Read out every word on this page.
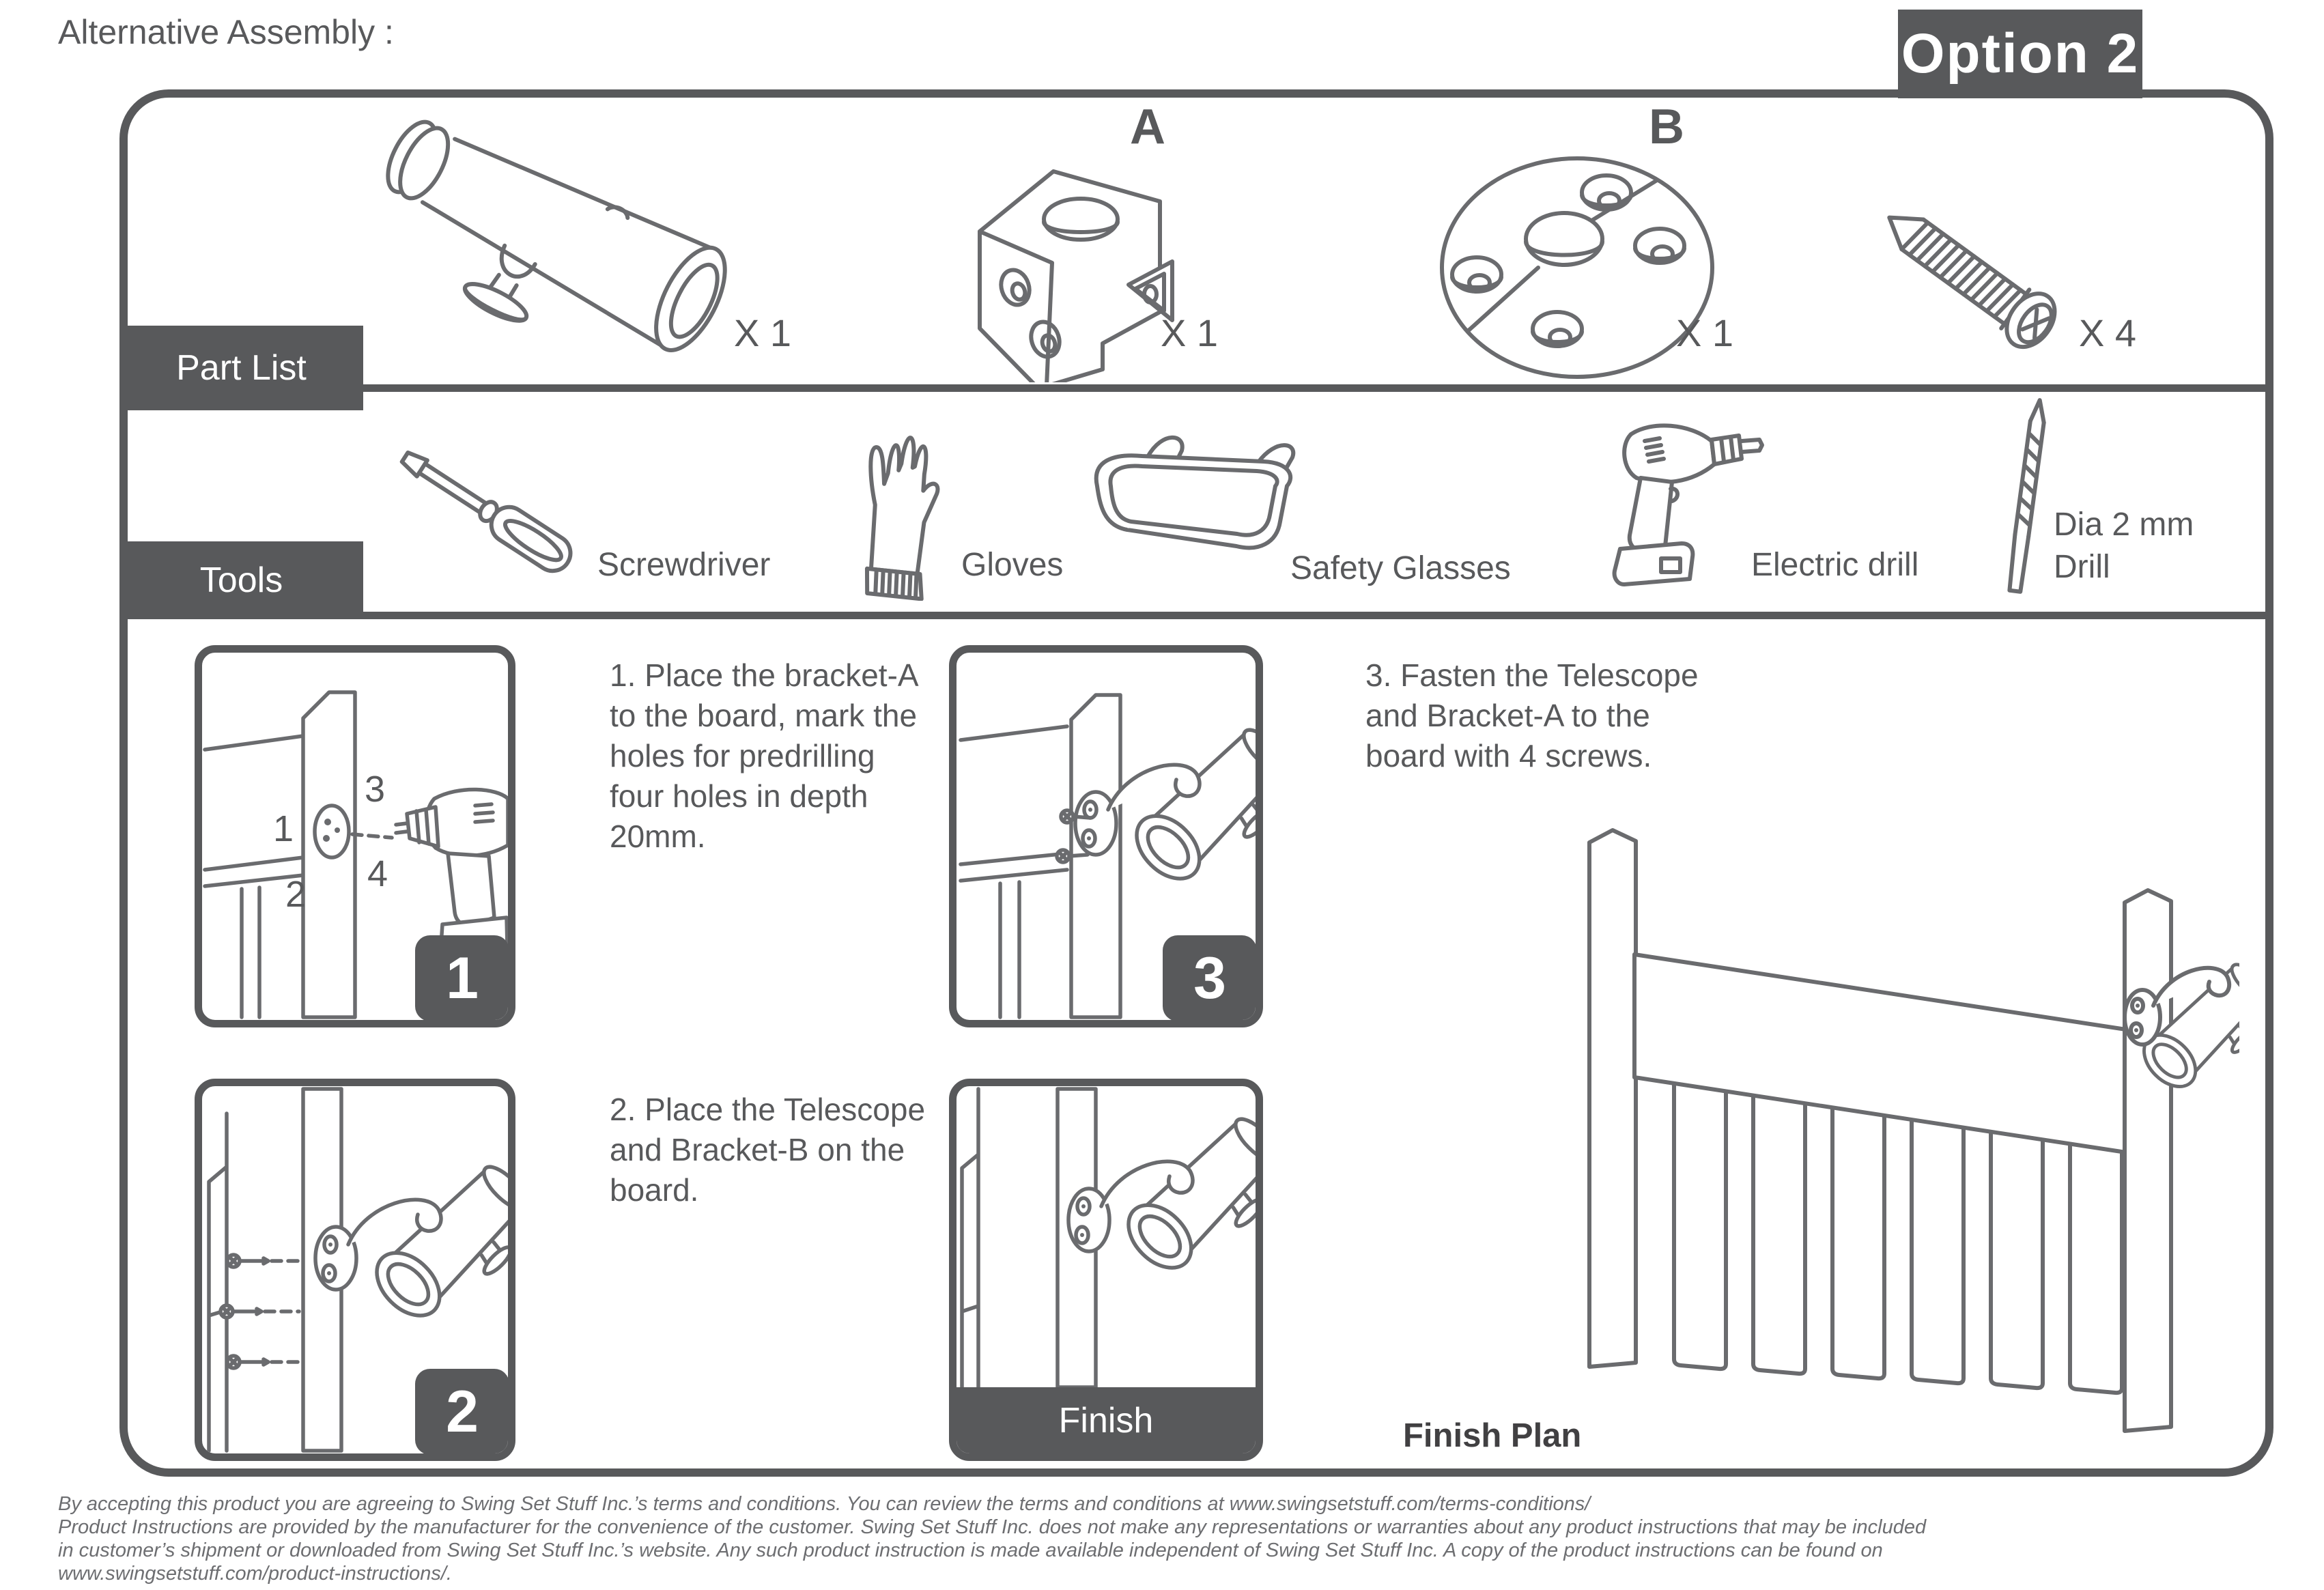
Alternative Assembly :	Option 2
Part List
Tools
X 1
A
X 1
B
X 1	X 4
Screwdriver	Gloves	Safety Glasses	Electric drill
Dia 2 mm
Drill
1
2
3
4
1
1. Place the bracket-A
to the board, mark the
holes for predrilling
four holes in depth
20mm.
3
3. Fasten the Telescope
and Bracket-A to the
board with 4 screws.
2
2. Place the Telescope
and Bracket-B on the
board.
Finish	Finish Plan
By accepting this product you are agreeing to Swing Set Stuff Inc.’s terms and conditions. You can review the terms and conditions at www.swingsetstuff.com/terms-conditions/
Product Instructions are provided by the manufacturer for the convenience of the customer. Swing Set Stuff Inc. does not make any representations or warranties about any product instructions that may be included
in customer’s shipment or downloaded from Swing Set Stuff Inc.’s website. Any such product instruction is made available independent of Swing Set Stuff Inc. A copy of the product instructions can be found on
www.swingsetstuff.com/product-instructions/.
